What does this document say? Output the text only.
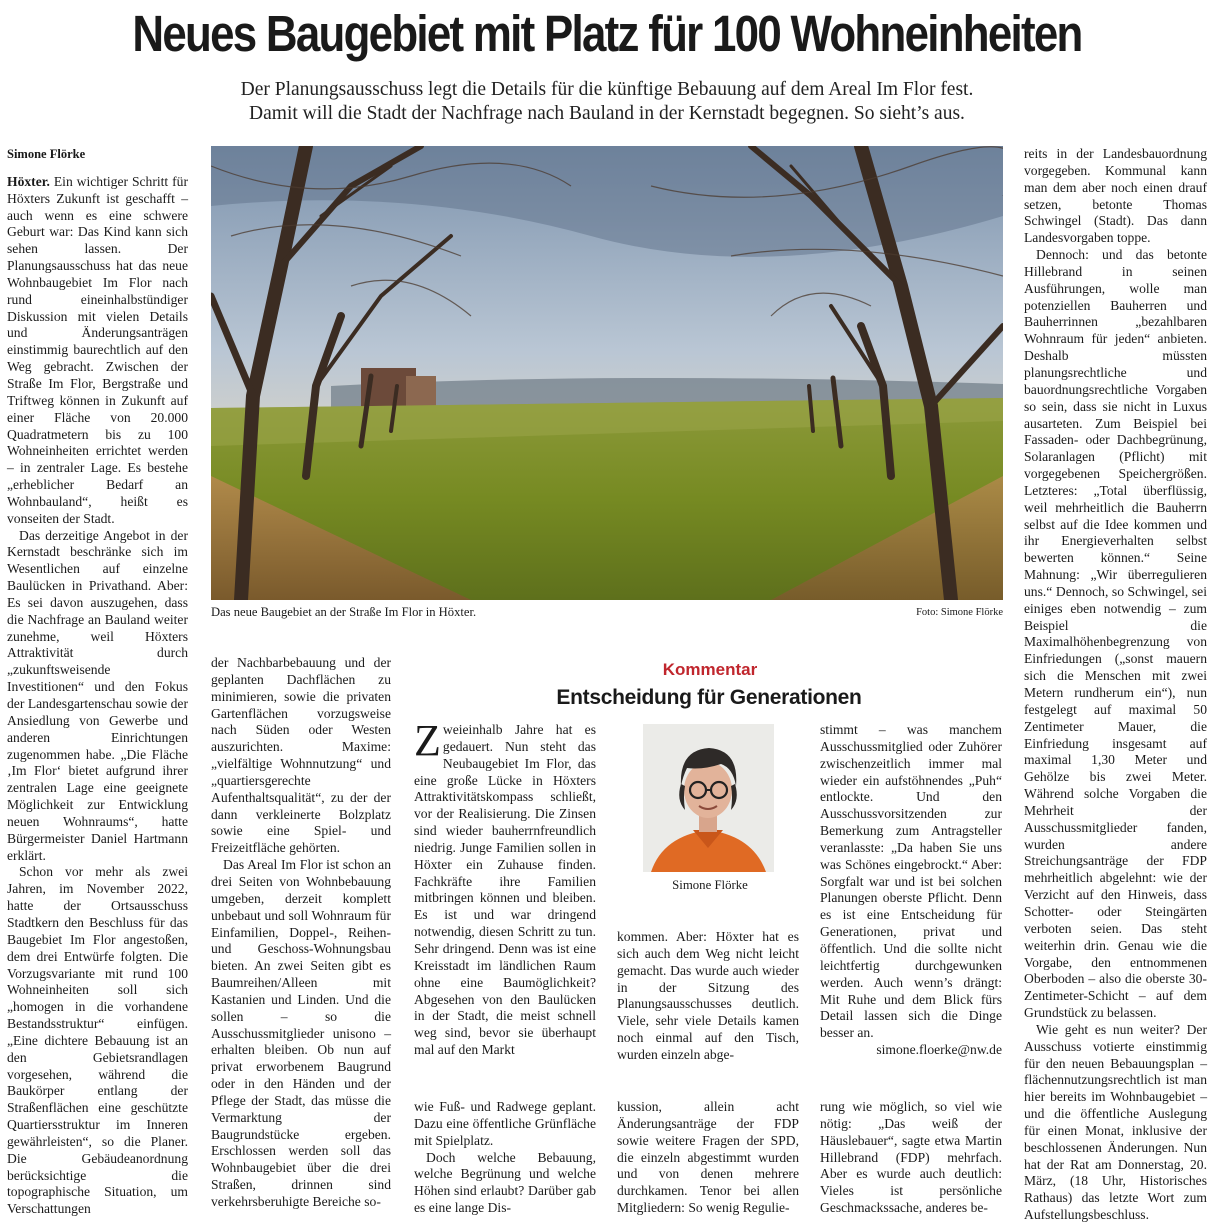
Neues Baugebiet mit Platz für 100 Wohneinheiten
Der Planungsausschuss legt die Details für die künftige Bebauung auf dem Areal Im Flor fest.
Damit will die Stadt der Nachfrage nach Bauland in der Kernstadt begegnen. So sieht’s aus.
Simone Flörke

Höxter. Ein wichtiger Schritt für Höxters Zukunft ist geschafft – auch wenn es eine schwere Geburt war: Das Kind kann sich sehen lassen. Der Planungsausschuss hat das neue Wohnbaugebiet Im Flor nach rund eineinhalbstündiger Diskussion mit vielen Details und Änderungsanträgen einstimmig baurechtlich auf den Weg gebracht. Zwischen der Straße Im Flor, Bergstraße und Triftweg können in Zukunft auf einer Fläche von 20.000 Quadratmetern bis zu 100 Wohneinheiten errichtet werden – in zentraler Lage. Es bestehe „erheblicher Bedarf an Wohnbauland“, heißt es vonseiten der Stadt.

Das derzeitige Angebot in der Kernstadt beschränke sich im Wesentlichen auf einzelne Baulücken in Privathand. Aber: Es sei davon auszugehen, dass die Nachfrage an Bauland weiter zunehme, weil Höxters Attraktivität durch „zukunftsweisende Investitionen“ und den Fokus der Landesgartenschau sowie der Ansiedlung von Gewerbe und anderen Einrichtungen zugenommen habe. „Die Fläche ‚Im Flor‘ bietet aufgrund ihrer zentralen Lage eine geeignete Möglichkeit zur Entwicklung neuen Wohnraums“, hatte Bürgermeister Daniel Hartmann erklärt.

Schon vor mehr als zwei Jahren, im November 2022, hatte der Ortsausschuss Stadtkern den Beschluss für das Baugebiet Im Flor angestoßen, dem drei Entwürfe folgten. Die Vorzugsvariante mit rund 100 Wohneinheiten soll sich „homogen in die vorhandene Bestandsstruktur“ einfügen. „Eine dichtere Bebauung ist an den Gebietsrandlagen vorgesehen, während die Baukörper entlang der Straßenflächen eine geschützte Quartiersstruktur im Inneren gewährleisten“, so die Planer. Die Gebäudeanordnung berücksichtige die topographische Situation, um Verschattungen

Das neue Baugebiet an der Straße Im Flor in Höxter.	Foto: Simone Flörke

der Nachbarbebauung und der geplanten Dachflächen zu minimieren, sowie die privaten Gartenflächen vorzugsweise nach Süden oder Westen auszurichten. Maxime: „vielfältige Wohnnutzung“ und „quartiersgerechte Aufenthaltsqualität“, zu der der dann verkleinerte Bolzplatz sowie eine Spiel- und Freizeitfläche gehörten.

Das Areal Im Flor ist schon an drei Seiten von Wohnbebauung umgeben, derzeit komplett unbebaut und soll Wohnraum für Einfamilien, Doppel-, Reihen- und Geschoss-Wohnungsbau bieten. An zwei Seiten gibt es Baumreihen/Alleen mit Kastanien und Linden. Und die sollen – so die Ausschussmitglieder unisono – erhalten bleiben. Ob nun auf privat erworbenem Baugrund oder in den Händen und der Pflege der Stadt, das müsse die Vermarktung der Baugrundstücke ergeben. Erschlossen werden soll das Wohnbaugebiet über die drei Straßen, drinnen sind verkehrsberuhigte Bereiche so-

Kommentar
Entscheidung für Generationen

Zweieinhalb Jahre hat es gedauert. Nun steht das Neubaugebiet Im Flor, das eine große Lücke in Höxters Attraktivitätskompass schließt, vor der Realisierung. Die Zinsen sind wieder bauherrnfreundlich niedrig. Junge Familien sollen in Höxter ein Zuhause finden. Fachkräfte ihre Familien mitbringen können und bleiben. Es ist und war dringend notwendig, diesen Schritt zu tun. Sehr dringend. Denn was ist eine Kreisstadt im ländlichen Raum ohne eine Baumöglichkeit? Abgesehen von den Baulücken in der Stadt, die meist schnell weg sind, bevor sie überhaupt mal auf den Markt

Simone Flörke

kommen. Aber: Höxter hat es sich auch dem Weg nicht leicht gemacht. Das wurde auch wieder in der Sitzung des Planungsausschusses deutlich. Viele, sehr viele Details kamen noch einmal auf den Tisch, wurden einzeln abge-

stimmt – was manchem Ausschussmitglied oder Zuhörer zwischenzeitlich immer mal wieder ein aufstöhnendes „Puh“ entlockte. Und den Ausschussvorsitzenden zur Bemerkung zum Antragsteller veranlasste: „Da haben Sie uns was Schönes eingebrockt.“ Aber: Sorgfalt war und ist bei solchen Planungen oberste Pflicht. Denn es ist eine Entscheidung für Generationen, privat und öffentlich. Und die sollte nicht leichtfertig durchgewunken werden. Auch wenn’s drängt: Mit Ruhe und dem Blick fürs Detail lassen sich die Dinge besser an.

simone.floerke@nw.de

wie Fuß- und Radwege geplant. Dazu eine öffentliche Grünfläche mit Spielplatz.

Doch welche Bebauung, welche Begrünung und welche Höhen sind erlaubt? Darüber gab es eine lange Dis-

kussion, allein acht Änderungsanträge der FDP sowie weitere Fragen der SPD, die einzeln abgestimmt wurden und von denen mehrere durchkamen. Tenor bei allen Mitgliedern: So wenig Regulie-

rung wie möglich, so viel wie nötig: „Das weiß der Häuslebauer“, sagte etwa Martin Hillebrand (FDP) mehrfach. Aber es wurde auch deutlich: Vieles ist persönliche Geschmackssache, anderes be-

reits in der Landesbauordnung vorgegeben. Kommunal kann man dem aber noch einen drauf setzen, betonte Thomas Schwingel (Stadt). Das dann Landesvorgaben toppe.

Dennoch: und das betonte Hillebrand in seinen Ausführungen, wolle man potenziellen Bauherren und Bauherrinnen „bezahlbaren Wohnraum für jeden“ anbieten. Deshalb müssten planungsrechtliche und bauordnungsrechtliche Vorgaben so sein, dass sie nicht in Luxus ausarteten. Zum Beispiel bei Fassaden- oder Dachbegrünung, Solaranlagen (Pflicht) mit vorgegebenen Speichergrößen. Letzteres: „Total überflüssig, weil mehrheitlich die Bauherrn selbst auf die Idee kommen und ihr Energieverhalten selbst bewerten können.“ Seine Mahnung: „Wir überregulieren uns.“ Dennoch, so Schwingel, sei einiges eben notwendig – zum Beispiel die Maximalhöhenbegrenzung von Einfriedungen („sonst mauern sich die Menschen mit zwei Metern rundherum ein“), nun festgelegt auf maximal 50 Zentimeter Mauer, die Einfriedung insgesamt auf maximal 1,30 Meter und Gehölze bis zwei Meter. Während solche Vorgaben die Mehrheit der Ausschussmitglieder fanden, wurden andere Streichungsanträge der FDP mehrheitlich abgelehnt: wie der Verzicht auf den Hinweis, dass Schotter- oder Steingärten verboten seien. Das steht weiterhin drin. Genau wie die Vorgabe, den entnommenen Oberboden – also die oberste 30-Zentimeter-Schicht – auf dem Grundstück zu belassen.

Wie geht es nun weiter? Der Ausschuss votierte einstimmig für den neuen Bebauungsplan – flächennutzungsrechtlich ist man hier bereits im Wohnbaugebiet – und die öffentliche Auslegung für einen Monat, inklusive der beschlossenen Änderungen. Nun hat der Rat am Donnerstag, 20. März, (18 Uhr, Historisches Rathaus) das letzte Wort zum Aufstellungsbeschluss.
